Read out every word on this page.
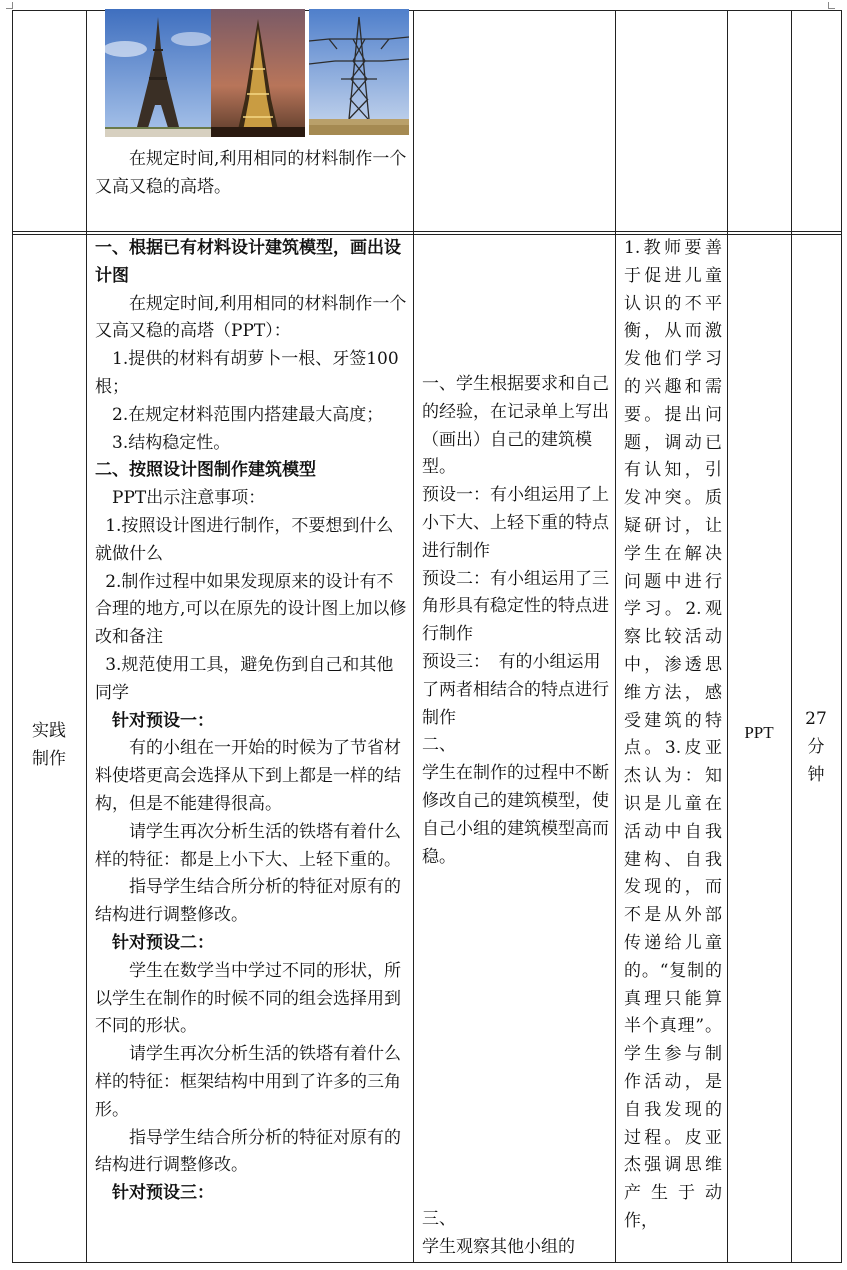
在规定时间,利用相同的材料制作一个又高又稳的高塔。

实践
制作

一、根据已有材料设计建筑模型，画出设计图

在规定时间,利用相同的材料制作一个又高又稳的高塔（PPT）：

1.提供的材料有胡萝卜一根、牙签100根；

2.在规定材料范围内搭建最大高度；

3.结构稳定性。

二、按照设计图制作建筑模型

PPT出示注意事项：

1.按照设计图进行制作，不要想到什么就做什么

2.制作过程中如果发现原来的设计有不合理的地方,可以在原先的设计图上加以修改和备注

3.规范使用工具，避免伤到自己和其他同学

针对预设一：

有的小组在一开始的时候为了节省材料使塔更高会选择从下到上都是一样的结构，但是不能建得很高。

请学生再次分析生活的铁塔有着什么样的特征：都是上小下大、上轻下重的。

指导学生结合所分析的特征对原有的结构进行调整修改。

针对预设二：

学生在数学当中学过不同的形状，所以学生在制作的时候不同的组会选择用到不同的形状。

请学生再次分析生活的铁塔有着什么样的特征：框架结构中用到了许多的三角形。

指导学生结合所分析的特征对原有的结构进行调整修改。

针对预设三：

一、学生根据要求和自己的经验，在记录单上写出（画出）自己的建筑模型。

预设一：有小组运用了上小下大、上轻下重的特点进行制作

预设二：有小组运用了三角形具有稳定性的特点进行制作

预设三：　有的小组运用了两者相结合的特点进行制作

二、

学生在制作的过程中不断修改自己的建筑模型，使自己小组的建筑模型高而稳。

三、

学生观察其他小组的

1.教师要善于促进儿童认识的不平衡，从而激发他们学习的兴趣和需要。提出问题，调动已有认知，引发冲突。质疑研讨，让学生在解决问题中进行学习。2.观察比较活动中，渗透思维方法，感受建筑的特点。3.皮亚杰认为：知识是儿童在活动中自我建构、自我发现的，而不是从外部传递给儿童的。“复制的真理只能算半个真理”。学生参与制作活动，是自我发现的过程。皮亚杰强调思维产生于动作，

PPT
27
分
钟
